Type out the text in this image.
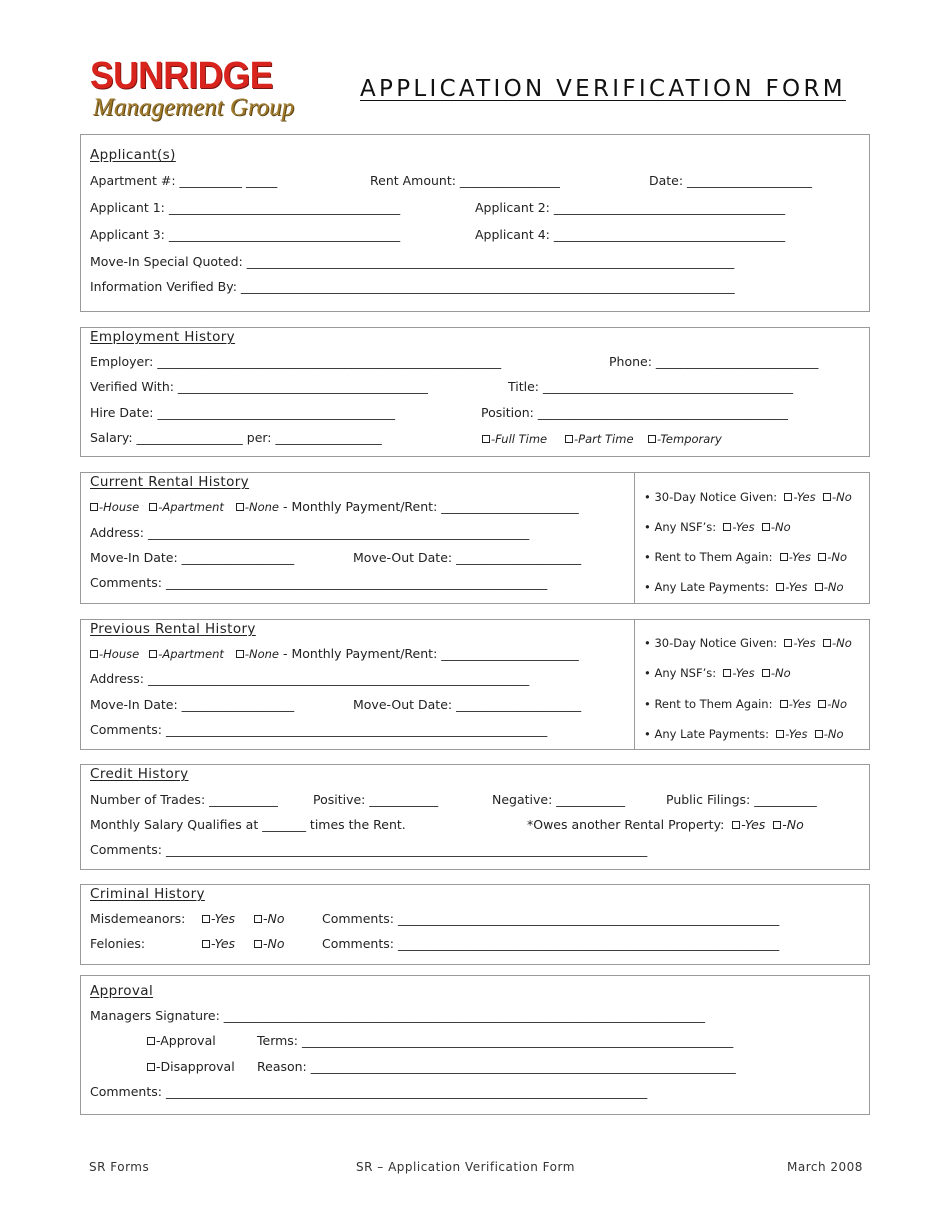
SUNRIDGE
Management Group
APPLICATION VERIFICATION FORM
Applicant(s)
Apartment #: __________ _____	Rent Amount: ________________	Date: ____________________
Applicant 1: _____________________________________	Applicant 2: _____________________________________
Applicant 3: _____________________________________	Applicant 4: _____________________________________
Move-In Special Quoted: ______________________________________________________________________________
Information Verified By: _______________________________________________________________________________
Employment History
Employer: _______________________________________________________	Phone: __________________________
Verified With: ________________________________________	Title: ________________________________________
Hire Date: ______________________________________	Position: ________________________________________
Salary: _________________ per: _________________	-Full Time	-Part Time	-Temporary
Current Rental History
-House -Apartment -None - Monthly Payment/Rent: ______________________
Address: _____________________________________________________________
Move-In Date: __________________	Move-Out Date: ____________________
Comments: _____________________________________________________________
• 30-Day Notice Given: -Yes -No
• Any NSF’s: -Yes -No
• Rent to Them Again: -Yes -No
• Any Late Payments: -Yes -No
Previous Rental History
-House -Apartment -None - Monthly Payment/Rent: ______________________
Address: _____________________________________________________________
Move-In Date: __________________	Move-Out Date: ____________________
Comments: _____________________________________________________________
• 30-Day Notice Given: -Yes -No
• Any NSF’s: -Yes -No
• Rent to Them Again: -Yes -No
• Any Late Payments: -Yes -No
Credit History
Number of Trades: ___________	Positive: ___________	Negative: ___________	Public Filings: __________
Monthly Salary Qualifies at _______ times the Rent.	*Owes another Rental Property: -Yes -No
Comments: _____________________________________________________________________________
Criminal History
Misdemeanors:	-Yes	-No	Comments: _____________________________________________________________
Felonies:	-Yes	-No	Comments: _____________________________________________________________
Approval
Managers Signature: _____________________________________________________________________________
-Approval	Terms: _____________________________________________________________________
-Disapproval Reason: ____________________________________________________________________
Comments: _____________________________________________________________________________
SR Forms	SR – Application Verification Form	March 2008
